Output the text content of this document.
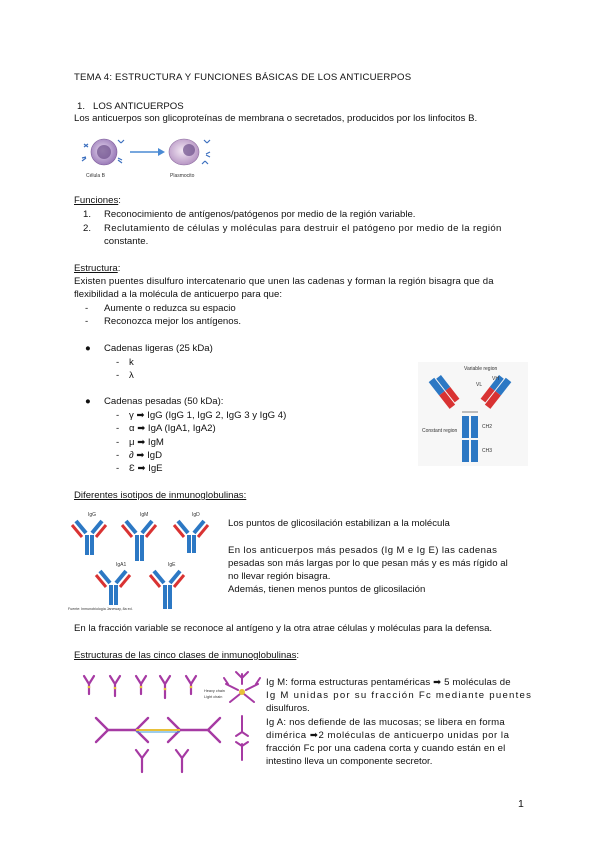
TEMA 4: ESTRUCTURA Y FUNCIONES BÁSICAS DE LOS ANTICUERPOS
1. LOS ANTICUERPOS
Los anticuerpos son glicoproteínas de membrana o secretados, producidos por los linfocitos B.
Célula B	Plasmocito
Funciones:
1. Reconocimiento de antígenos/patógenos por medio de la región variable.
2. Reclutamiento de células y moléculas para destruir el patógeno por medio de la región
constante.
Estructura:
Existen puentes disulfuro intercatenario que unen las cadenas y forman la región bisagra que da
flexibilidad a la molécula de anticuerpo para que:
- Aumente o reduzca su espacio
- Reconozca mejor los antígenos.
● Cadenas ligeras (25 kDa)
- k
- λ
● Cadenas pesadas (50 kDa):
- γ ➡ IgG (IgG 1, IgG 2, IgG 3 y IgG 4)
- α ➡ IgA (IgA1, IgA2)
- μ ➡ IgM
- ∂ ➡ IgD
- Ɛ ➡ IgE
Variable region
Constant region
CH2
CH3
VL
VH
Diferentes isotipos de inmunoglobulinas:
IgG	IgM	IgD
IgA1	IgE
Fuente: Inmunobiología Janeway, 8a ed.
Los puntos de glicosilación estabilizan a la molécula
En los anticuerpos más pesados (Ig M e Ig E) las cadenas
pesadas son más largas por lo que pesan más y es más rígido al
no llevar región bisagra.
Además, tienen menos puntos de glicosilación
En la fracción variable se reconoce al antígeno y la otra atrae células y moléculas para la defensa.
Estructuras de las cinco clases de inmunoglobulinas:
Heavy chain
Light chain
Ig M: forma estructuras pentaméricas ➡ 5 moléculas de
Ig M unidas por su fracción Fc mediante puentes
disulfuros.
Ig A: nos defiende de las mucosas; se libera en forma
dimérica ➡2 moléculas de anticuerpo unidas por la
fracción Fc por una cadena corta y cuando están en el
intestino lleva un componente secretor.
1
